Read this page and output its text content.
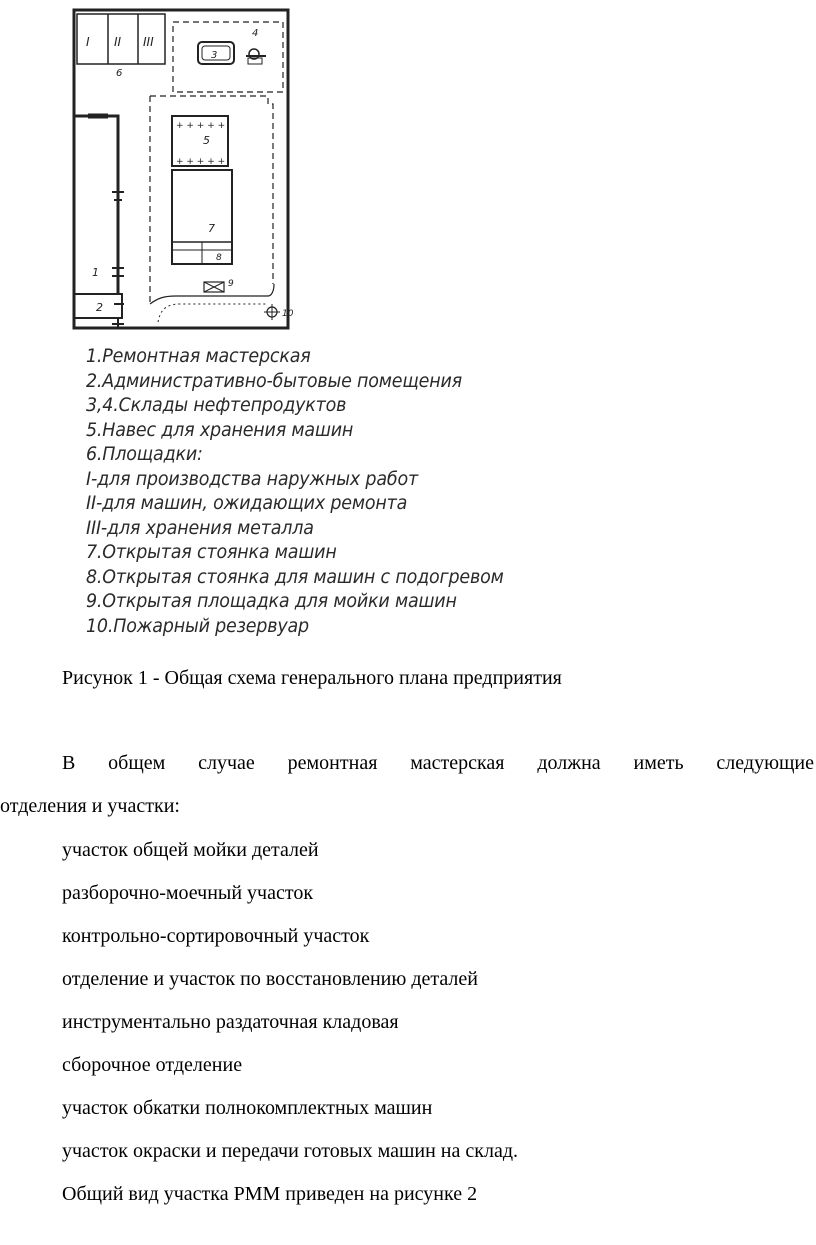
I II III
6
3
4
+ + + + +
+ + + + +
5
7
8
9
10
2
1
1.Ремонтная мастерская
2.Административно-бытовые помещения
3,4.Склады нефтепродуктов
5.Навес для хранения машин
6.Площадки:
I-для производства наружных работ
II-для машин, ожидающих ремонта
III-для хранения металла
7.Открытая стоянка машин
8.Открытая стоянка для машин с подогревом
9.Открытая площадка для мойки машин
10.Пожарный резервуар
Рисунок 1 - Общая схема генерального плана предприятия
В общем случае ремонтная мастерская должна иметь следующие
отделения и участки:
участок общей мойки деталей
разборочно-моечный участок
контрольно-сортировочный участок
отделение и участок по восстановлению деталей
инструментально раздаточная кладовая
сборочное отделение
участок обкатки полнокомплектных машин
участок окраски и передачи готовых машин на склад.
Общий вид участка РММ приведен на рисунке 2
